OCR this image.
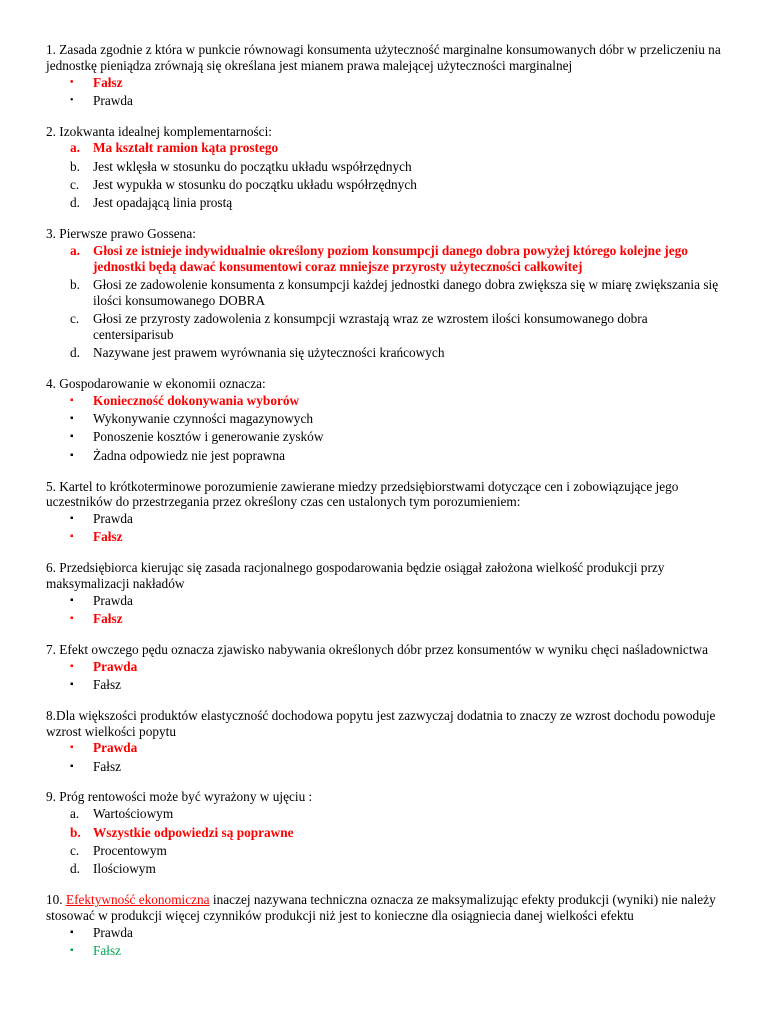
1. Zasada zgodnie z która w punkcie równowagi konsumenta użyteczność marginalne konsumowanych dóbr w przeliczeniu na jednostkę pieniądza zrównają się określana jest mianem prawa malejącej użyteczności marginalnej
•	Fałsz
•	Prawda
2. Izokwanta idealnej komplementarności:
a. Ma kształt ramion kąta prostego
b. Jest wklęsła w stosunku do początku układu współrzędnych
c.	Jest wypukła w stosunku do początku układu współrzędnych
d. Jest opadającą linia prostą
3. Pierwsze prawo Gossena:
a. Głosi ze istnieje indywidualnie określony poziom konsumpcji danego dobra powyżej którego kolejne jego jednostki będą dawać konsumentowi coraz mniejsze przyrosty użyteczności całkowitej
b. Głosi ze zadowolenie konsumenta z konsumpcji każdej jednostki danego dobra zwiększa się w miarę zwiększania się ilości konsumowanego DOBRA
c.	Głosi ze przyrosty zadowolenia z konsumpcji wzrastają wraz ze wzrostem ilości konsumowanego dobra centersiparisub
d. Nazywane jest prawem wyrównania się użyteczności krańcowych
4. Gospodarowanie w ekonomii oznacza:
▪	Konieczność dokonywania wyborów
▪	Wykonywanie czynności magazynowych
▪	Ponoszenie kosztów i generowanie zysków
▪	Żadna odpowiedz nie jest poprawna
5. Kartel to krótkoterminowe porozumienie zawierane miedzy przedsiębiorstwami dotyczące cen i zobowiązujące jego uczestników do przestrzegania przez określony czas cen ustalonych tym porozumieniem:
▪	Prawda
▪	Fałsz
6. Przedsiębiorca kierując się zasada racjonalnego gospodarowania będzie osiągał założona wielkość produkcji przy maksymalizacji nakładów
▪	Prawda
▪	Fałsz
7. Efekt owczego pędu oznacza zjawisko nabywania określonych dóbr przez konsumentów w wyniku chęci naśladownictwa
▪	Prawda
▪	Fałsz
8.Dla większości produktów elastyczność dochodowa popytu jest zazwyczaj dodatnia to znaczy ze wzrost dochodu powoduje wzrost wielkości popytu
▪	Prawda
▪	Fałsz
9. Próg rentowości może być wyrażony w ujęciu :
a.	Wartościowym
b. Wszystkie odpowiedzi są poprawne
c.	Procentowym
d. Ilościowym
10. Efektywność ekonomiczna inaczej nazywana techniczna oznacza ze maksymalizując efekty produkcji (wyniki) nie należy stosować w produkcji więcej czynników produkcji niż jest to konieczne dla osiągniecia danej wielkości efektu
▪	Prawda
▪	Fałsz
